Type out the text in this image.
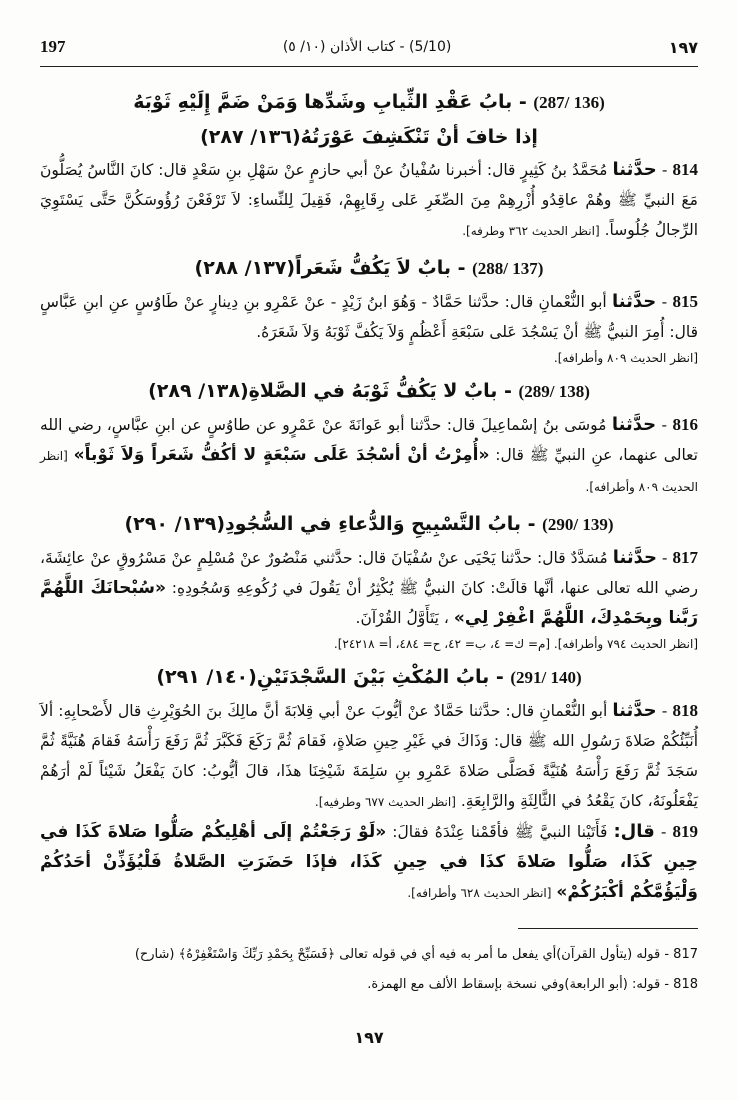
197	(5/10) - كتاب الأذان (١٠/ ٥)	١٩٧
(136 /287) - بابُ عَقْدِ الثِّيابِ وشَدِّها وَمَنْ ضَمَّ إِلَيْهِ ثَوْبَهُ
إذا خافَ أنْ تَنْكَشِفَ عَوْرَتُهُ(١٣٦/ ٢٨٧)

814 - حدَّثنا مُحَمَّدُ بنُ كَثِيرٍ قال: أخبرنا سُفْيانُ عنْ أبي حازمٍ عنْ سَهْلِ بنِ سَعْدٍ قال: كانَ النَّاسُ يُصَلُّونَ مَعَ النبيِّ ﷺ وهُمْ عاقِدُو أُزْرِهِمْ مِنَ الصِّغَرِ عَلى رِقَابِهِمْ، فَقِيلَ لِلنِّساءِ: لاَ تَرْفَعْنَ رُؤُوسَكُنَّ حَتَّى يَسْتَوِيَ الرِّجالُ جُلُوساً. [انظر الحديث ٣٦٢ وطرفه].

(137 /288) - بابٌ لاَ يَكُفُّ شَعَراً(١٣٧/ ٢٨٨)

815 - حدَّثنا أبو النُّعْمانِ قال: حدَّثنا حَمَّادٌ - وَهُوَ ابنُ زَيْدٍ - عنْ عَمْرِو بنِ دِينارٍ عنْ طَاوُسٍ عنِ ابنِ عَبَّاسٍ قال: أُمِرَ النبيُّ ﷺ أنْ يَسْجُدَ عَلى سَبْعَةِ أَعْظُمٍ وَلاَ يَكُفَّ ثَوْبَهُ وَلاَ شَعَرَهُ.

[انظر الحديث ٨٠٩ وأطرافه].

(138 /289) - بابٌ لا يَكُفُّ ثَوْبَهُ في الصَّلاةِ(١٣٨/ ٢٨٩)

816 - حدَّثنا مُوسَى بنُ إسْماعِيلَ قال: حدَّثنا أبو عَوانَةَ عنْ عَمْرٍو عن طاوُسٍ عن ابنِ عبَّاسٍ، رضي الله تعالى عنهما، عنِ النبيِّ ﷺ قال: «أُمِرْتُ أنْ أسْجُدَ عَلَى سَبْعَةٍ لا أكُفُّ شَعَراً وَلاَ ثَوْباً» [انظر الحديث ٨٠٩ وأطرافه].

(139 /290) - بابُ التَّسْبِيحِ وَالدُّعاءِ في السُّجُودِ(١٣٩/ ٢٩٠)

817 - حدَّثنا مُسَدَّدٌ قال: حدَّثنا يَحْيَى عنْ سُفْيَانَ قال: حدَّثني مَنْصُورٌ عنْ مُسْلِمٍ عنْ مَسْرُوقٍ عنْ عائِشَةَ، رضي الله تعالى عنها، أنَّها قالَتْ: كانَ النبيُّ ﷺ يُكْثِرُ أنْ يَقُولَ في رُكُوعِهِ وَسُجُودِهِ: «سُبْحانَكَ اللَّهُمَّ رَبَّنا وبِحَمْدِكَ، اللَّهُمَّ اغْفِرْ لِي» ، يَتَأَوَّلُ القُرْآنَ.

[انظر الحديث ٧٩٤ وأطرافه]. [م= ك= ٤، ب= ٤٢، ح= ٤٨٤، أ= ٢٤٢١٨].

(140 /291) - بابُ المُكْثِ بَيْنَ السَّجْدَتَيْنِ(١٤٠/ ٢٩١)

818 - حدَّثنا أبو النُّعْمانِ قال: حدَّثنا حَمَّادٌ عنْ أيُّوبَ عنْ أبي قِلابَةَ أنَّ مالِكَ بنَ الحُوَيْرِثِ قال لأَصْحابِهِ: ألاَ أُنَبِّئُكُمْ صَلاةَ رَسُولِ الله ﷺ قال: وَذَاكَ في غَيْرِ حِينِ صَلاةٍ، فَقامَ ثُمَّ رَكَعَ فَكَبَّرَ ثُمَّ رَفَعَ رَأْسَهُ فَقامَ هُنَيَّةً ثُمَّ سَجَدَ ثُمَّ رَفَعَ رَأْسَهُ هُنَيَّةً فَصَلَّى صَلاةَ عَمْرِو بنِ سَلِمَةَ شَيْخِنَا هذَا، قالَ أيُّوبُ: كانَ يَفْعَلُ شَيْئاً لَمْ أرَهُمْ يَفْعَلُونَهُ، كانَ يَقْعُدُ في الثَّالِثَةِ والرَّابِعَةِ. [انظر الحديث ٦٧٧ وطرفيه].

819 - قال: فَأَتَيْنا النبيَّ ﷺ فأقَمْنا عِنْدَهُ فقالَ: «لَوْ رَجَعْتُمْ إلَى أهْلِيكُمْ صَلُّوا صَلاةَ كَذَا في حِينِ كَذَا، صَلُّوا صَلاةَ كذَا في حِينِ كَذَا، فإذَا حَضَرَتِ الصَّلاةُ فَلْيُؤَذِّنْ أحَدُكُمْ وَلْيَؤُمَّكُمْ أكْبَرُكُمْ» [انظر الحديث ٦٢٨ وأطرافه].

817 - قوله (يتأول القرآن)أي يفعل ما أمر به فيه أي في قوله تعالى ﴿فَسَبِّحْ بِحَمْدِ رَبِّكَ وَاسْتَغْفِرْهُ﴾ (شارح)

818 - قوله: (أبو الرابعة)وفي نسخة بإسقاط الألف مع الهمزة.

١٩٧
